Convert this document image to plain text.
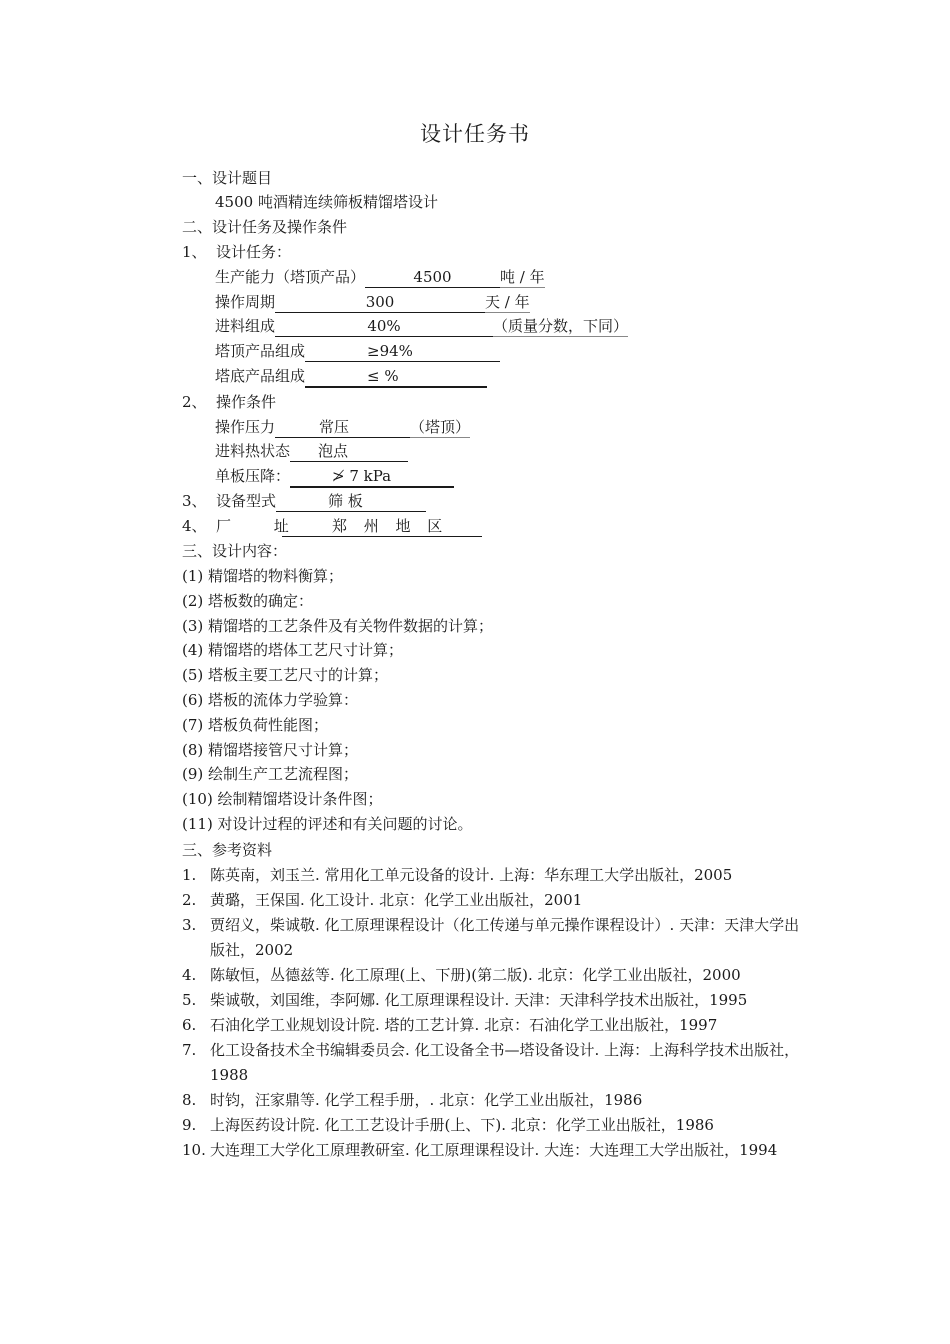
设计任务书
一、设计题目
4500 吨酒精连续筛板精馏塔设计
二、设计任务及操作条件
1、 设计任务：
生产能力（塔顶产品）	4500	吨 / 年
操作周期	300	天 / 年
进料组成	40%	（质量分数，下同）
塔顶产品组成	≥94%
塔底产品组成	≤ %
2、 操作条件
操作压力	常压	（塔顶）
进料热状态 泡点
单板压降：	≯ 7 kPa
3、 设备型式	筛 板
4、 厂 址 郑 州 地 区
三、设计内容：
(1) 精馏塔的物料衡算；
(2) 塔板数的确定：
(3) 精馏塔的工艺条件及有关物件数据的计算；
(4) 精馏塔的塔体工艺尺寸计算；
(5) 塔板主要工艺尺寸的计算；
(6) 塔板的流体力学验算：
(7) 塔板负荷性能图；
(8) 精馏塔接管尺寸计算；
(9) 绘制生产工艺流程图；
(10) 绘制精馏塔设计条件图；
(11) 对设计过程的评述和有关问题的讨论。
三、参考资料
1. 陈英南，刘玉兰. 常用化工单元设备的设计. 上海：华东理工大学出版社，2005
2. 黄璐，王保国. 化工设计. 北京：化学工业出版社，2001
3. 贾绍义，柴诚敬. 化工原理课程设计（化工传递与单元操作课程设计）. 天津：天津大学出版社，2002
4. 陈敏恒，丛德兹等. 化工原理(上、下册)(第二版). 北京：化学工业出版社，2000
5. 柴诚敬，刘国维，李阿娜. 化工原理课程设计. 天津：天津科学技术出版社，1995
6. 石油化学工业规划设计院. 塔的工艺计算. 北京：石油化学工业出版社，1997
7. 化工设备技术全书编辑委员会. 化工设备全书—塔设备设计. 上海：上海科学技术出版社，1988
8. 时钧，汪家鼎等. 化学工程手册，. 北京：化学工业出版社，1986
9. 上海医药设计院. 化工工艺设计手册(上、下). 北京：化学工业出版社，1986
10. 大连理工大学化工原理教研室. 化工原理课程设计. 大连：大连理工大学出版社，1994
